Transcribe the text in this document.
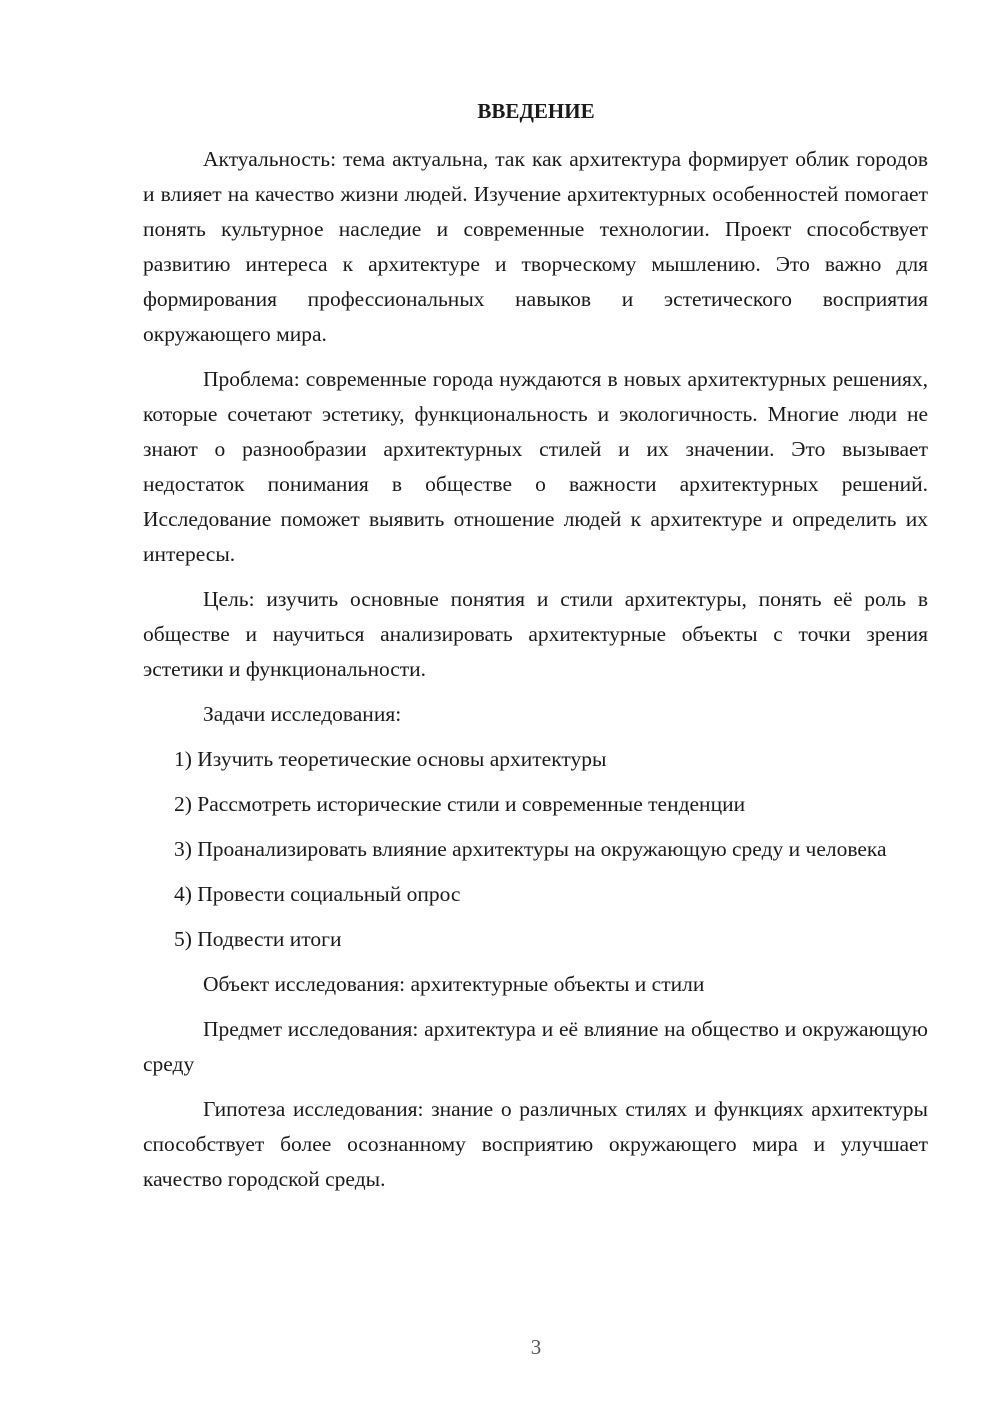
ВВЕДЕНИЕ

Актуальность: тема актуальна, так как архитектура формирует облик городов и влияет на качество жизни людей. Изучение архитектурных особенностей помогает понять культурное наследие и современные технологии. Проект способствует развитию интереса к архитектуре и творческому мышлению. Это важно для формирования профессиональных навыков и эстетического восприятия окружающего мира.

Проблема: современные города нуждаются в новых архитектурных решениях, которые сочетают эстетику, функциональность и экологичность. Многие люди не знают о разнообразии архитектурных стилей и их значении. Это вызывает недостаток понимания в обществе о важности архитектурных решений. Исследование поможет выявить отношение людей к архитектуре и определить их интересы.

Цель: изучить основные понятия и стили архитектуры, понять её роль в обществе и научиться анализировать архитектурные объекты с точки зрения эстетики и функциональности.

Задачи исследования:

1) Изучить теоретические основы архитектуры

2) Рассмотреть исторические стили и современные тенденции

3) Проанализировать влияние архитектуры на окружающую среду и человека

4) Провести социальный опрос

5) Подвести итоги

Объект исследования: архитектурные объекты и стили

Предмет исследования: архитектура и её влияние на общество и окружающую среду

Гипотеза исследования: знание о различных стилях и функциях архитектуры способствует более осознанному восприятию окружающего мира и улучшает качество городской среды.

3
